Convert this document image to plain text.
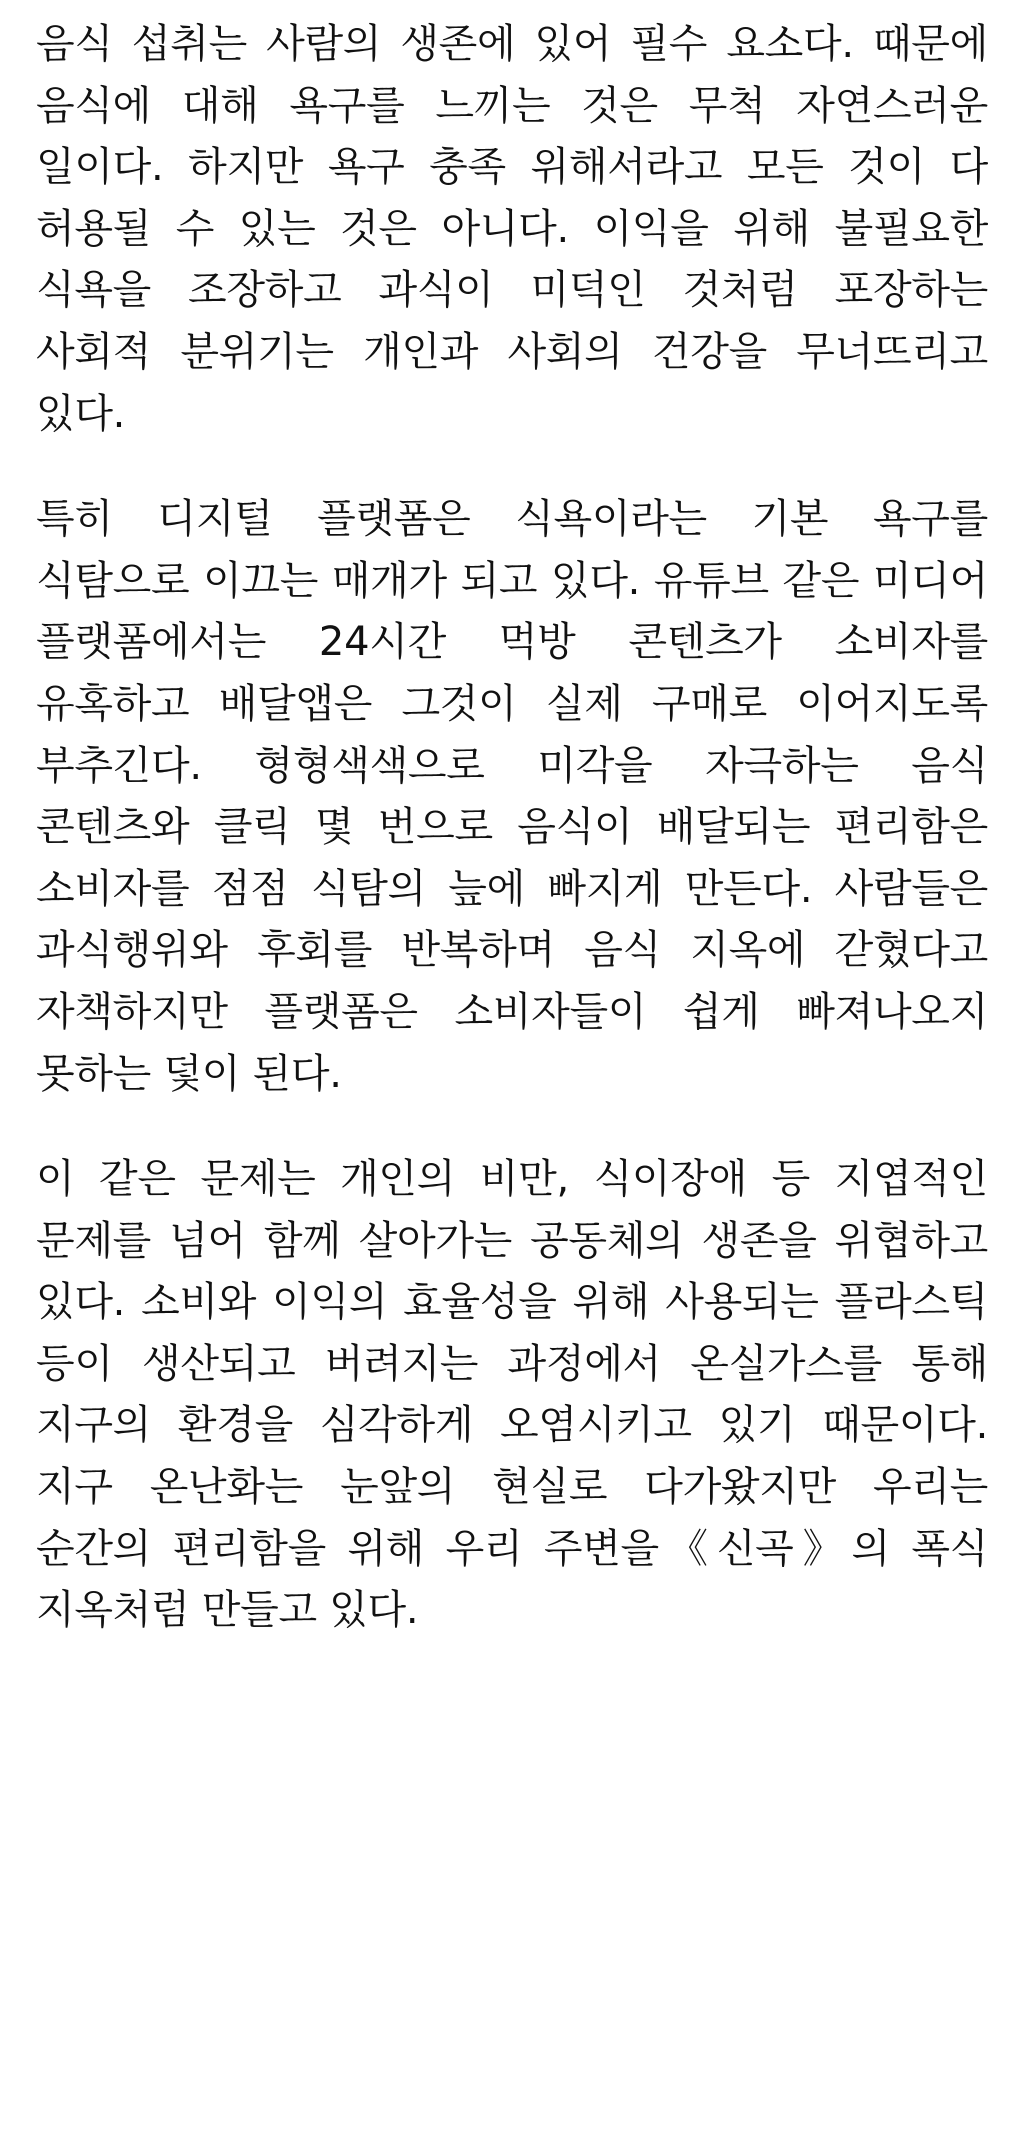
음식 섭취는 사람의 생존에 있어 필수 요소다. 때문에 음식에 대해 욕구를 느끼는 것은 무척 자연스러운 일이다. 하지만 욕구 충족 위해서라고 모든 것이 다 허용될 수 있는 것은 아니다. 이익을 위해 불필요한 식욕을 조장하고 과식이 미덕인 것처럼 포장하는 사회적 분위기는 개인과 사회의 건강을 무너뜨리고 있다.

특히 디지털 플랫폼은 식욕이라는 기본 욕구를 식탐으로 이끄는 매개가 되고 있다. 유튜브 같은 미디어 플랫폼에서는 24시간 먹방 콘텐츠가 소비자를 유혹하고 배달앱은 그것이 실제 구매로 이어지도록 부추긴다. 형형색색으로 미각을 자극하는 음식 콘텐츠와 클릭 몇 번으로 음식이 배달되는 편리함은 소비자를 점점 식탐의 늪에 빠지게 만든다. 사람들은 과식행위와 후회를 반복하며 음식 지옥에 갇혔다고 자책하지만 플랫폼은 소비자들이 쉽게 빠져나오지 못하는 덫이 된다.

이 같은 문제는 개인의 비만, 식이장애 등 지엽적인 문제를 넘어 함께 살아가는 공동체의 생존을 위협하고 있다. 소비와 이익의 효율성을 위해 사용되는 플라스틱 등이 생산되고 버려지는 과정에서 온실가스를 통해 지구의 환경을 심각하게 오염시키고 있기 때문이다. 지구 온난화는 눈앞의 현실로 다가왔지만 우리는 순간의 편리함을 위해 우리 주변을《신곡》의 폭식 지옥처럼 만들고 있다.
